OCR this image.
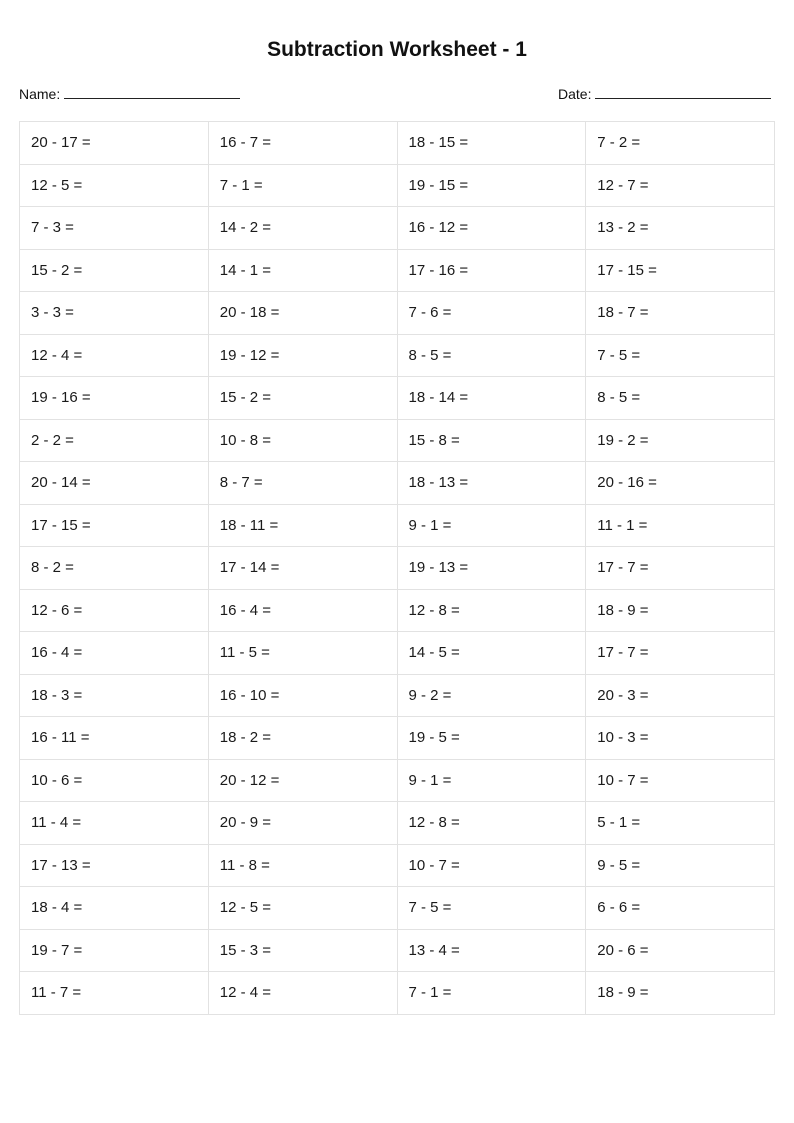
Subtraction Worksheet - 1
Name:	Date:
20 - 17 =	16 - 7 =	18 - 15 =	7 - 2 =
12 - 5 =	7 - 1 =	19 - 15 =	12 - 7 =
7 - 3 =	14 - 2 =	16 - 12 =	13 - 2 =
15 - 2 =	14 - 1 =	17 - 16 =	17 - 15 =
3 - 3 =	20 - 18 =	7 - 6 =	18 - 7 =
12 - 4 =	19 - 12 =	8 - 5 =	7 - 5 =
19 - 16 =	15 - 2 =	18 - 14 =	8 - 5 =
2 - 2 =	10 - 8 =	15 - 8 =	19 - 2 =
20 - 14 =	8 - 7 =	18 - 13 =	20 - 16 =
17 - 15 =	18 - 11 =	9 - 1 =	11 - 1 =
8 - 2 =	17 - 14 =	19 - 13 =	17 - 7 =
12 - 6 =	16 - 4 =	12 - 8 =	18 - 9 =
16 - 4 =	11 - 5 =	14 - 5 =	17 - 7 =
18 - 3 =	16 - 10 =	9 - 2 =	20 - 3 =
16 - 11 =	18 - 2 =	19 - 5 =	10 - 3 =
10 - 6 =	20 - 12 =	9 - 1 =	10 - 7 =
11 - 4 =	20 - 9 =	12 - 8 =	5 - 1 =
17 - 13 =	11 - 8 =	10 - 7 =	9 - 5 =
18 - 4 =	12 - 5 =	7 - 5 =	6 - 6 =
19 - 7 =	15 - 3 =	13 - 4 =	20 - 6 =
11 - 7 =	12 - 4 =	7 - 1 =	18 - 9 =
